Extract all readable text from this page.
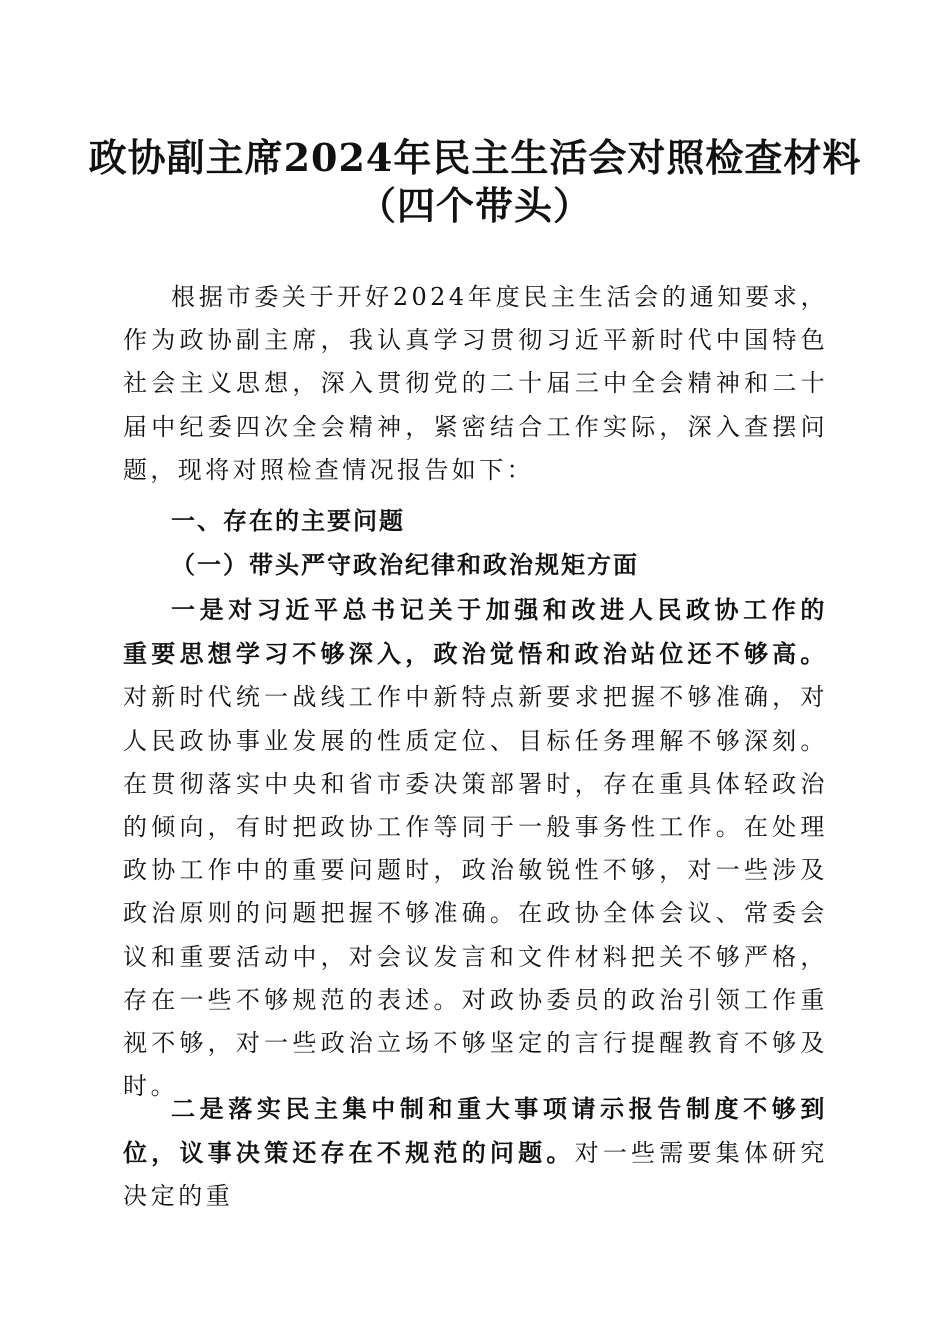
政协副主席2024年民主生活会对照检查材料
（四个带头）

根据市委关于开好2024年度民主生活会的通知要求，作为政协副主席，我认真学习贯彻习近平新时代中国特色社会主义思想，深入贯彻党的二十届三中全会精神和二十届中纪委四次全会精神，紧密结合工作实际，深入查摆问题，现将对照检查情况报告如下：

一、存在的主要问题
（一）带头严守政治纪律和政治规矩方面

一是对习近平总书记关于加强和改进人民政协工作的重要思想学习不够深入，政治觉悟和政治站位还不够高。对新时代统一战线工作中新特点新要求把握不够准确，对人民政协事业发展的性质定位、目标任务理解不够深刻。在贯彻落实中央和省市委决策部署时，存在重具体轻政治的倾向，有时把政协工作等同于一般事务性工作。在处理政协工作中的重要问题时，政治敏锐性不够，对一些涉及政治原则的问题把握不够准确。在政协全体会议、常委会议和重要活动中，对会议发言和文件材料把关不够严格，存在一些不够规范的表述。对政协委员的政治引领工作重视不够，对一些政治立场不够坚定的言行提醒教育不够及时。

二是落实民主集中制和重大事项请示报告制度不够到位，议事决策还存在不规范的问题。对一些需要集体研究决定的重
